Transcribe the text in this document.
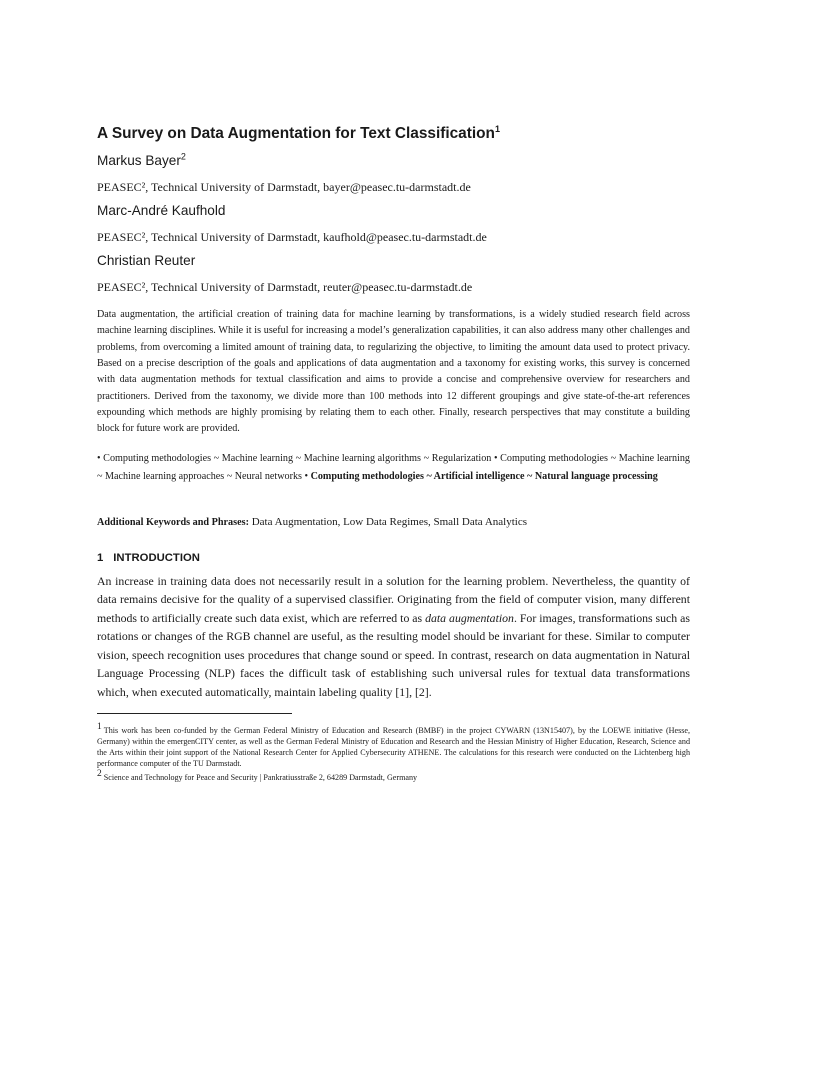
A Survey on Data Augmentation for Text Classification$^1$
Markus Bayer$^2$
PEASEC², Technical University of Darmstadt, bayer@peasec.tu-darmstadt.de
Marc-André Kaufhold
PEASEC², Technical University of Darmstadt, kaufhold@peasec.tu-darmstadt.de
Christian Reuter
PEASEC², Technical University of Darmstadt, reuter@peasec.tu-darmstadt.de
Data augmentation, the artificial creation of training data for machine learning by transformations, is a widely studied research field across machine learning disciplines. While it is useful for increasing a model’s generalization capabilities, it can also address many other challenges and problems, from overcoming a limited amount of training data, to regularizing the objective, to limiting the amount data used to protect privacy. Based on a precise description of the goals and applications of data augmentation and a taxonomy for existing works, this survey is concerned with data augmentation methods for textual classification and aims to provide a concise and comprehensive overview for researchers and practitioners. Derived from the taxonomy, we divide more than 100 methods into 12 different groupings and give state-of-the-art references expounding which methods are highly promising by relating them to each other. Finally, research perspectives that may constitute a building block for future work are provided.
• Computing methodologies ~ Machine learning ~ Machine learning algorithms ~ Regularization • Computing methodologies ~ Machine learning ~ Machine learning approaches ~ Neural networks • Computing methodologies ~ Artificial intelligence ~ Natural language processing
Additional Keywords and Phrases: Data Augmentation, Low Data Regimes, Small Data Analytics
1 INTRODUCTION
An increase in training data does not necessarily result in a solution for the learning problem. Nevertheless, the quantity of data remains decisive for the quality of a supervised classifier. Originating from the field of computer vision, many different methods to artificially create such data exist, which are referred to as data augmentation. For images, transformations such as rotations or changes of the RGB channel are useful, as the resulting model should be invariant for these. Similar to computer vision, speech recognition uses procedures that change sound or speed. In contrast, research on data augmentation in Natural Language Processing (NLP) faces the difficult task of establishing such universal rules for textual data transformations which, when executed automatically, maintain labeling quality [1], [2].
1 This work has been co-funded by the German Federal Ministry of Education and Research (BMBF) in the project CYWARN (13N15407), by the LOEWE initiative (Hesse, Germany) within the emergenCITY center, as well as the German Federal Ministry of Education and Research and the Hessian Ministry of Higher Education, Research, Science and the Arts within their joint support of the National Research Center for Applied Cybersecurity ATHENE. The calculations for this research were conducted on the Lichtenberg high performance computer of the TU Darmstadt.
2 Science and Technology for Peace and Security | Pankratiusstraße 2, 64289 Darmstadt, Germany
